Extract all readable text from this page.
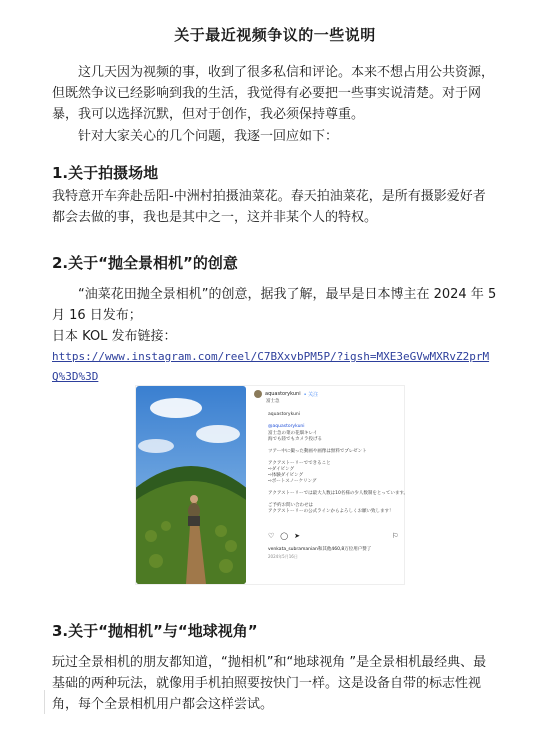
关于最近视频争议的一些说明

这几天因为视频的事，收到了很多私信和评论。本来不想占用公共资源，但既然争议已经影响到我的生活，我觉得有必要把一些事实说清楚。对于网暴，我可以选择沉默，但对于创作，我必须保持尊重。

针对大家关心的几个问题，我逐一回应如下：

1.关于拍摄场地

我特意开车奔赴岳阳-中洲村拍摄油菜花。春天拍油菜花，是所有摄影爱好者都会去做的事，我也是其中之一，这并非某个人的特权。

2.关于“抛全景相机”的创意

“油菜花田抛全景相机”的创意，据我了解，最早是日本博主在 2024 年 5 月 16 日发布；

日本 KOL 发布链接：

https://www.instagram.com/reel/C7BXxvbPM5P/?igsh=MXE3eGVwMXRvZ2prMQ%3D%3D
aquastorykuni • 关注
富士急
aquastorykuni
@aquastorykuni
富士急の菜の花畑キレイ
海でも陸でもカメラ投げる
ツアー中に撮った動画や画像は無料でプレゼント
アクアストーリーでできること
⇨ダイビング
⇨体験ダイビング
⇨ボートスノーケリング
アクアストーリーでは最大人数は10名様の少人数制をとっています。
ご予約お問い合わせは
アクアストーリーの公式ラインからよろしくお願い致します！
♡ ◯ ➤	⚐
venkata_subramanian和其他460,8万位用户赞了
2024年5月16日
3.关于“抛相机”与“地球视角”

玩过全景相机的朋友都知道，“抛相机”和“地球视角 ”是全景相机最经典、最基础的两种玩法，就像用手机拍照要按快门一样。这是设备自带的标志性视角，每个全景相机用户都会这样尝试。
